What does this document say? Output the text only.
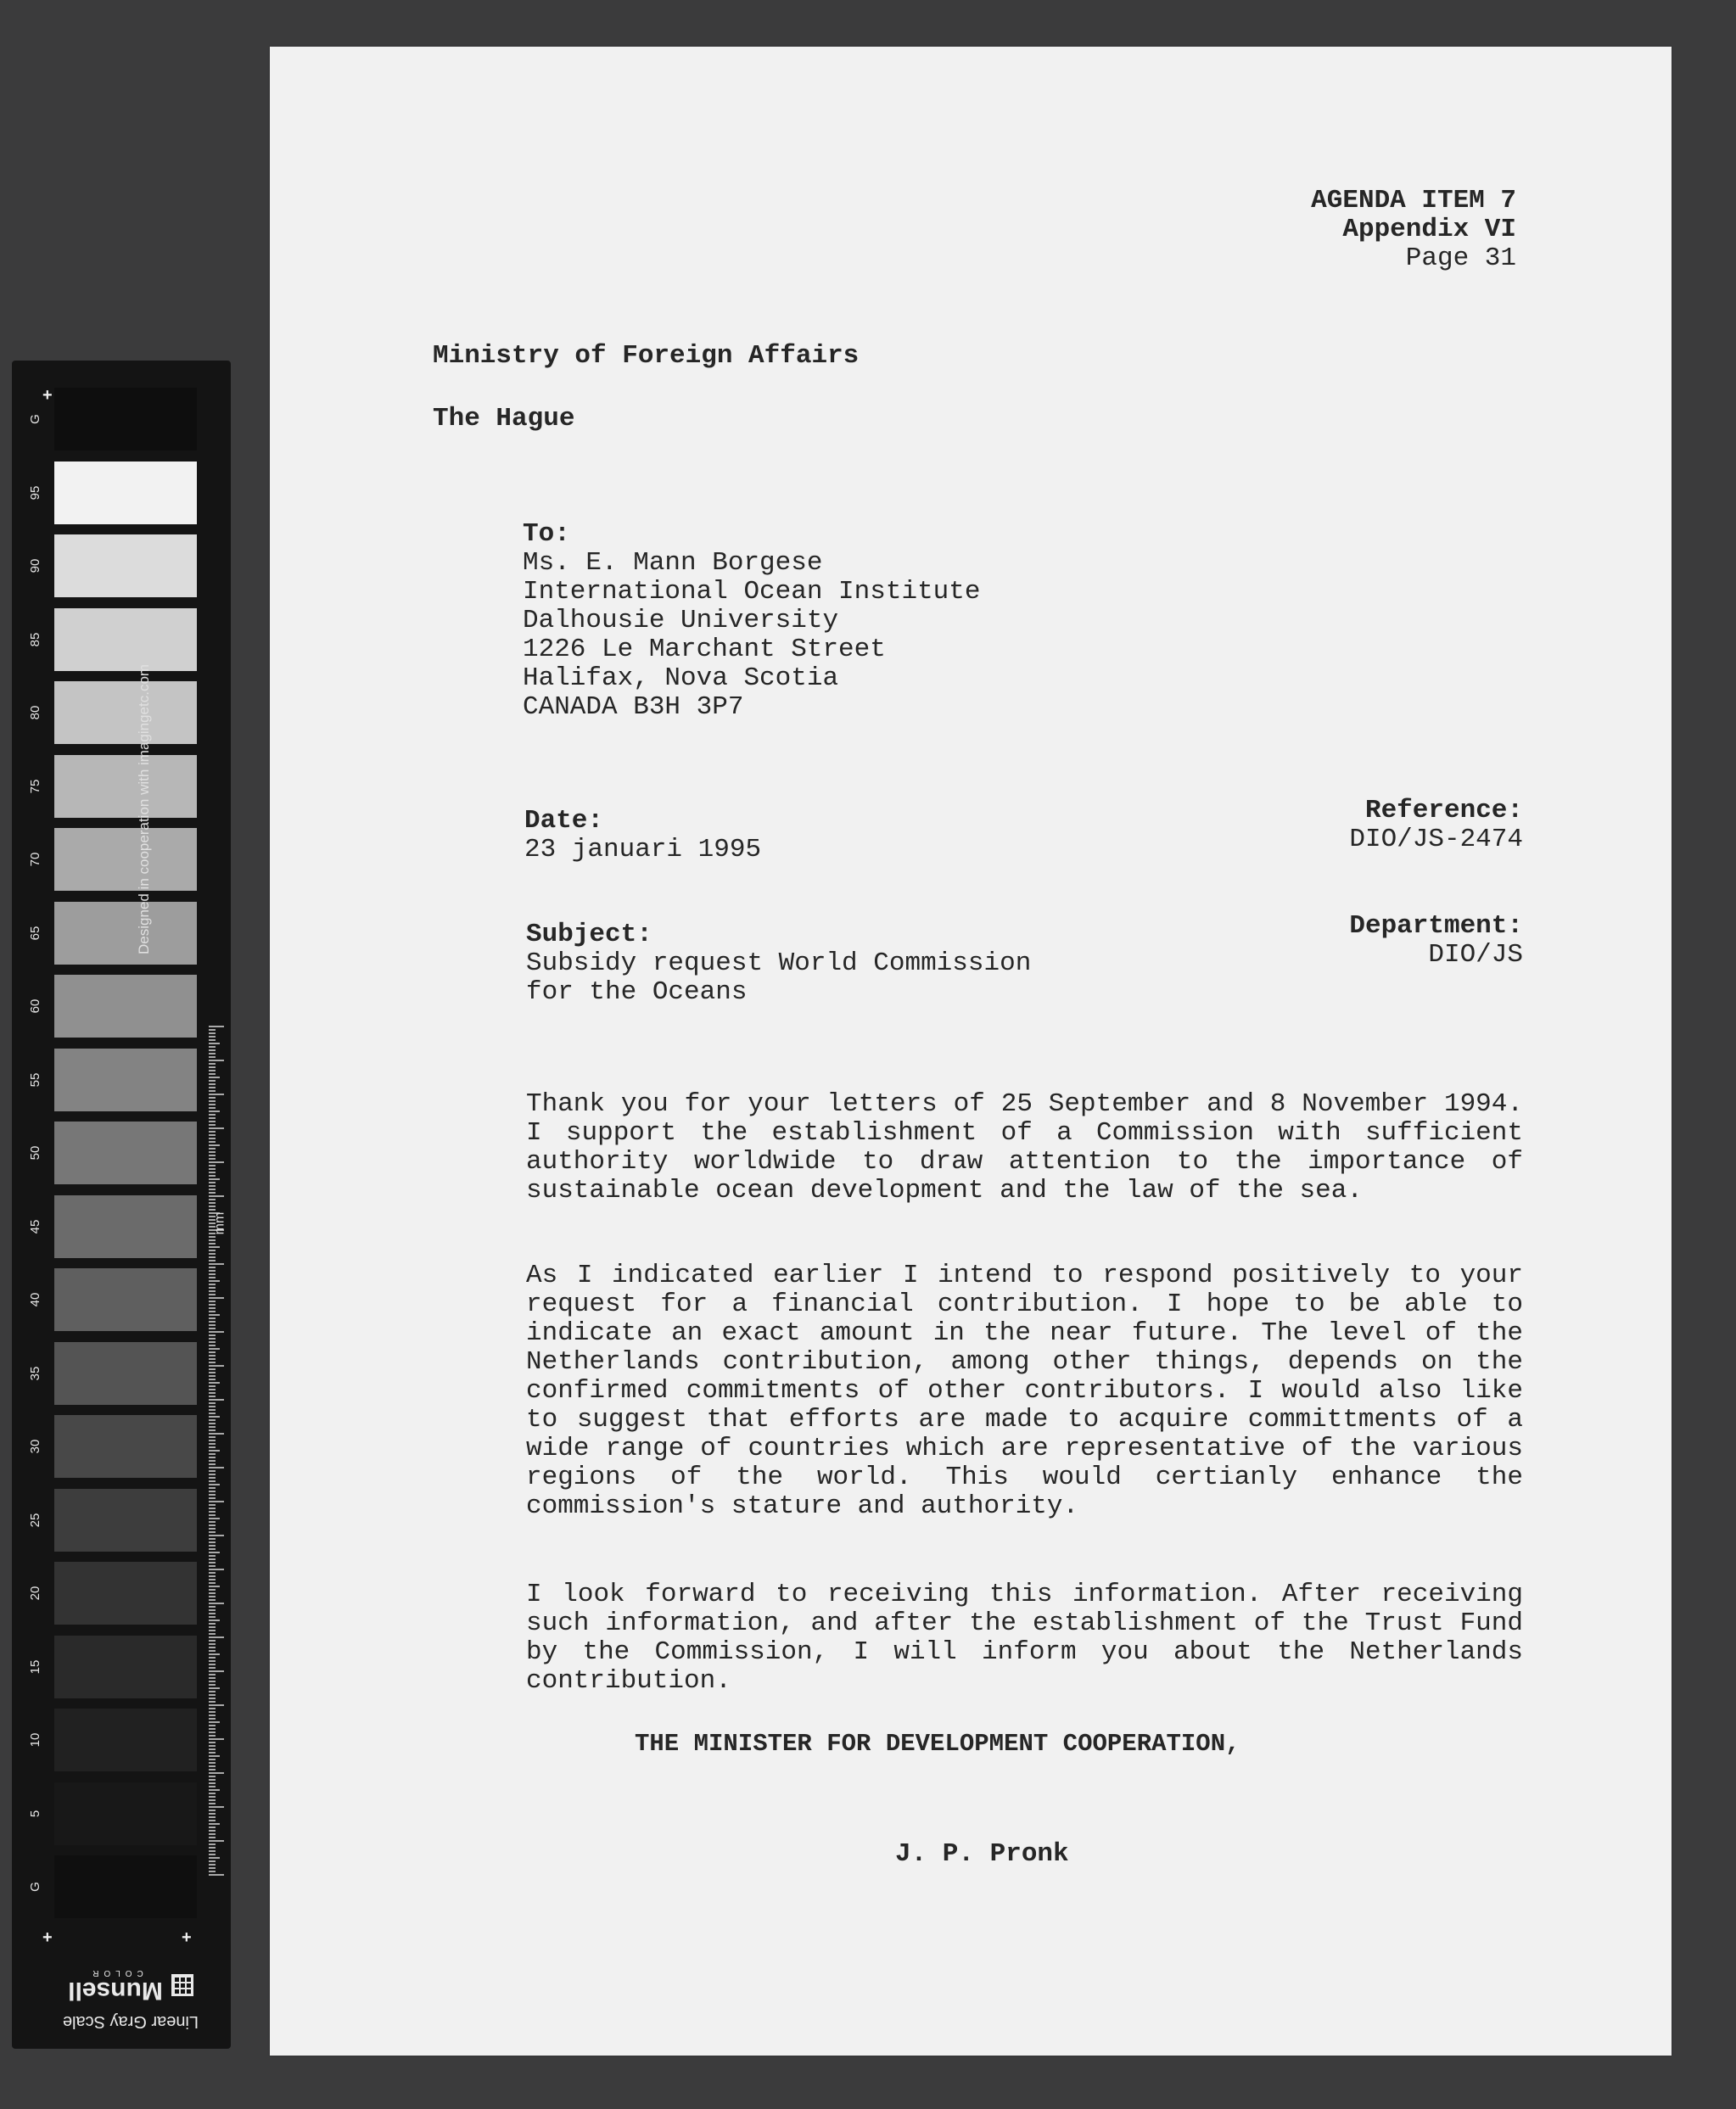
+
G
95
90
85
80
75
70
65
60
55
50
45
40
35
30
25
20
15
10
5
G
Designed in cooperation with imagingetc.com
mm
+	+
Linear Gray Scale
Munsell
COLOR
AGENDA ITEM 7
Appendix VI
Page 31
Ministry of Foreign Affairs
The Hague
To:
Ms. E. Mann Borgese
International Ocean Institute
Dalhousie University
1226 Le Marchant Street
Halifax, Nova Scotia
CANADA B3H 3P7
Date:
23 januari 1995
Reference:
DIO/JS-2474
Subject:
Subsidy request World Commission
for the Oceans
Department:
DIO/JS
Thank you for your letters of 25 September and 8 November 1994. I support the establishment of a Commission with sufficient authority worldwide to draw attention to the importance of sustainable ocean development and the law of the sea.
As I indicated earlier I intend to respond positively to your request for a financial contribution. I hope to be able to indicate an exact amount in the near future. The level of the Netherlands contribution, among other things, depends on the confirmed commitments of other contributors. I would also like to suggest that efforts are made to acquire committments of a wide range of countries which are representative of the various regions of the world. This would certianly enhance the commission's stature and authority.
I look forward to receiving this information. After receiving such information, and after the establishment of the Trust Fund by the Commission, I will inform you about the Netherlands contribution.
THE MINISTER FOR DEVELOPMENT COOPERATION,
J. P. Pronk
